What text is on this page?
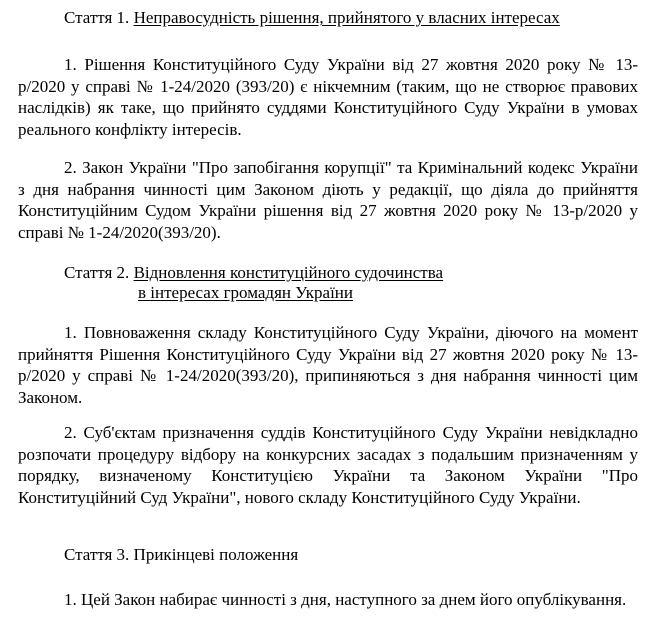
Стаття 1. Неправосудність рішення, прийнятого у власних інтересах

1. Рішення Конституційного Суду України від 27 жовтня 2020 року № 13-р/2020 у справі № 1-24/2020 (393/20) є нікчемним (таким, що не створює правових наслідків) як таке, що прийнято суддями Конституційного Суду України в умовах реального конфлікту інтересів.

2. Закон України "Про запобігання корупції" та Кримінальний кодекс України з дня набрання чинності цим Законом діють у редакції, що діяла до прийняття Конституційним Судом України рішення від 27 жовтня 2020 року № 13-р/2020 у справі № 1-24/2020(393/20).

Стаття 2. Відновлення конституційного судочинства
в інтересах громадян України

1. Повноваження складу Конституційного Суду України, діючого на момент прийняття Рішення Конституційного Суду України від 27 жовтня 2020 року № 13-р/2020 у справі № 1-24/2020(393/20), припиняються з дня набрання чинності цим Законом.

2. Суб'єктам призначення суддів Конституційного Суду України невідкладно розпочати процедуру відбору на конкурсних засадах з подальшим призначенням у порядку, визначеному Конституцією України та Законом України "Про Конституційний Суд України", нового складу Конституційного Суду України.

Стаття 3. Прикінцеві положення

1. Цей Закон набирає чинності з дня, наступного за днем його опублікування.
